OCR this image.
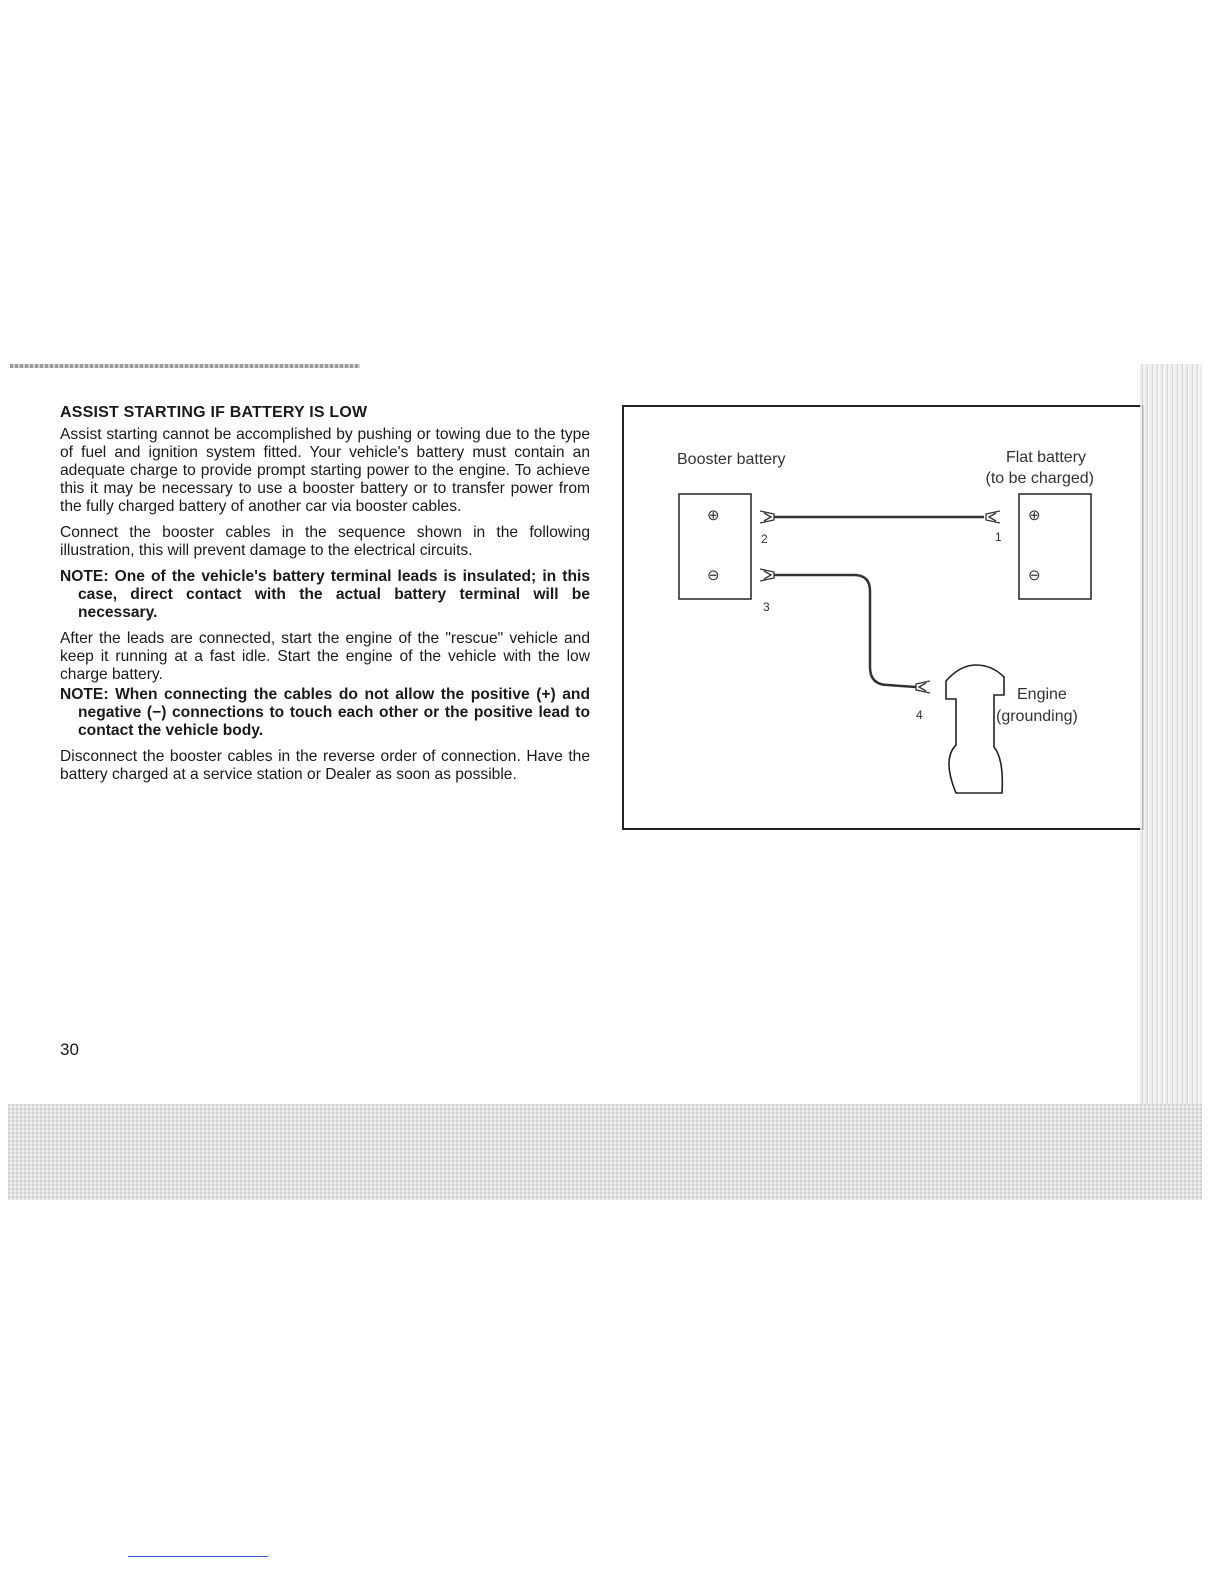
ASSIST STARTING IF BATTERY IS LOW

Assist starting cannot be accomplished by pushing or towing due to the type of fuel and ignition system fitted. Your vehicle's battery must contain an adequate charge to provide prompt starting power to the engine. To achieve this it may be necessary to use a booster battery or to transfer power from the fully charged battery of another car via booster cables.

Connect the booster cables in the sequence shown in the following illustration, this will prevent damage to the electrical circuits.

NOTE: One of the vehicle's battery terminal leads is insulated; in this case, direct contact with the actual battery terminal will be necessary.

After the leads are connected, start the engine of the "rescue" vehicle and keep it running at a fast idle. Start the engine of the vehicle with the low charge battery.

NOTE: When connecting the cables do not allow the positive (+) and negative (−) connections to touch each other or the positive lead to contact the vehicle body.

Disconnect the booster cables in the reverse order of connection. Have the battery charged at a service station or Dealer as soon as possible.

30
Booster battery	Flat battery
(to be charged)
Engine
(grounding)
⊕
⊖
⊕
⊖
1
2
3
4
